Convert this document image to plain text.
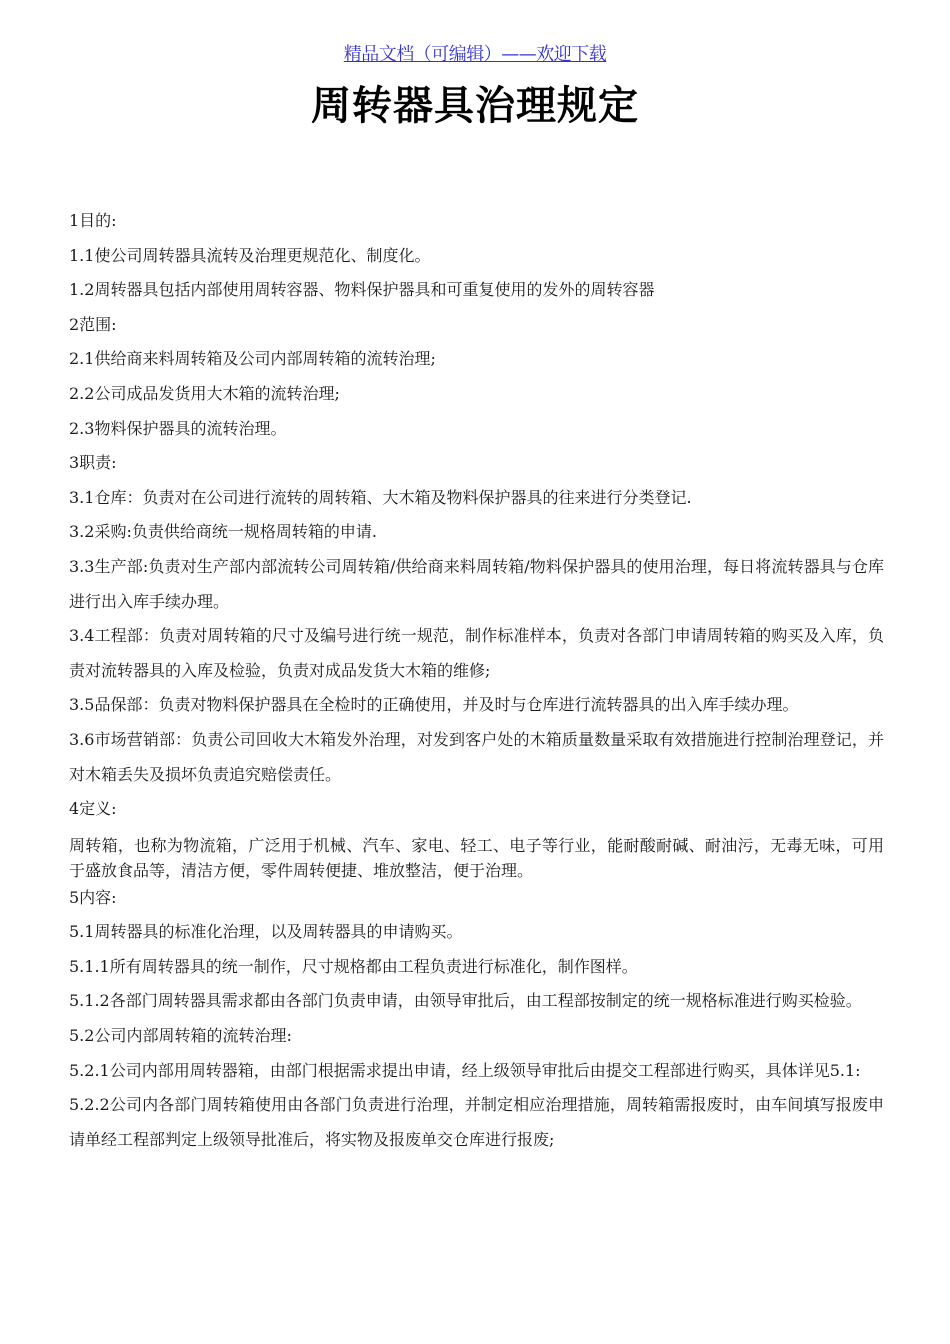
精品文档（可编辑）——欢迎下载
周转器具治理规定

1目的:

1.1使公司周转器具流转及治理更规范化、制度化。

1.2周转器具包括内部使用周转容器、物料保护器具和可重复使用的发外的周转容器

2范围:

2.1供给商来料周转箱及公司内部周转箱的流转治理;

2.2公司成品发货用大木箱的流转治理;

2.3物料保护器具的流转治理。

3职责:

3.1仓库：负责对在公司进行流转的周转箱、大木箱及物料保护器具的往来进行分类登记.

3.2采购:负责供给商统一规格周转箱的申请.

3.3生产部:负责对生产部内部流转公司周转箱/供给商来料周转箱/物料保护器具的使用治理，每日将流转器具与仓库进行出入库手续办理。

3.4工程部：负责对周转箱的尺寸及编号进行统一规范，制作标准样本，负责对各部门申请周转箱的购买及入库，负责对流转器具的入库及检验，负责对成品发货大木箱的维修;

3.5品保部：负责对物料保护器具在全检时的正确使用，并及时与仓库进行流转器具的出入库手续办理。

3.6市场营销部：负责公司回收大木箱发外治理，对发到客户处的木箱质量数量采取有效措施进行控制治理登记，并对木箱丢失及损坏负责追究赔偿责任。

4定义:

周转箱，也称为物流箱，广泛用于机械、汽车、家电、轻工、电子等行业，能耐酸耐碱、耐油污，无毒无味，可用于盛放食品等，清洁方便，零件周转便捷、堆放整洁，便于治理。

5内容:

5.1周转器具的标准化治理，以及周转器具的申请购买。

5.1.1所有周转器具的统一制作，尺寸规格都由工程负责进行标准化，制作图样。

5.1.2各部门周转器具需求都由各部门负责申请，由领导审批后，由工程部按制定的统一规格标准进行购买检验。

5.2公司内部周转箱的流转治理:

5.2.1公司内部用周转器箱，由部门根据需求提出申请，经上级领导审批后由提交工程部进行购买，具体详见5.1:

5.2.2公司内各部门周转箱使用由各部门负责进行治理，并制定相应治理措施，周转箱需报废时，由车间填写报废申请单经工程部判定上级领导批准后，将实物及报废单交仓库进行报废;
